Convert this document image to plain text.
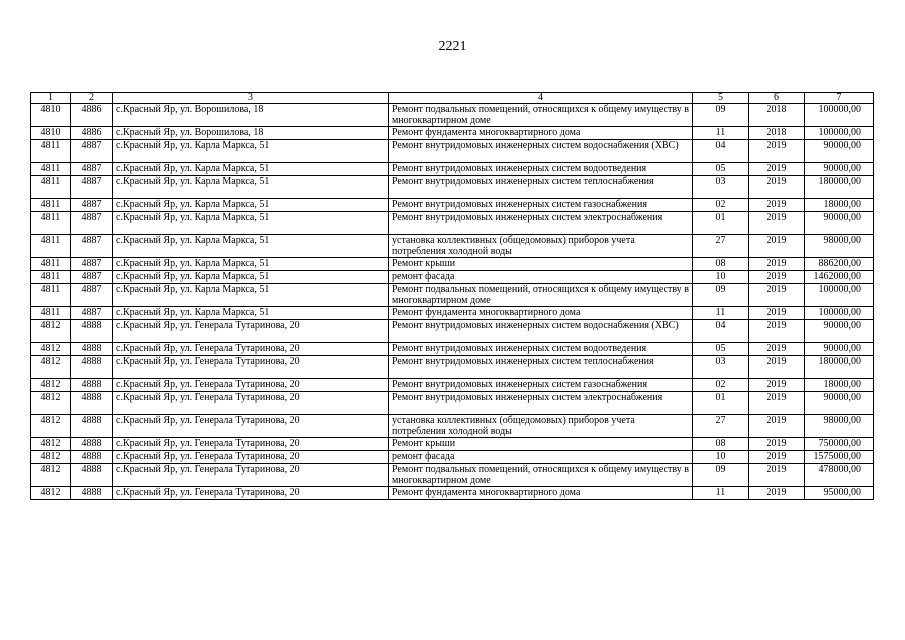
2221
1	2	3	4	5	6	7
4810	4886	с.Красный Яр, ул. Ворошилова, 18	Ремонт подвальных помещений, относящихся к общему имуществу в многоквартирном доме	09	2018	100000,00
4810	4886	с.Красный Яр, ул. Ворошилова, 18	Ремонт фундамента многоквартирного дома	11	2018	100000,00
4811	4887	с.Красный Яр, ул. Карла Маркса, 51	Ремонт внутридомовых инженерных систем водоснабжения (ХВС)	04	2019	90000,00
4811	4887	с.Красный Яр, ул. Карла Маркса, 51	Ремонт внутридомовых инженерных систем водоотведения	05	2019	90000,00
4811	4887	с.Красный Яр, ул. Карла Маркса, 51	Ремонт внутридомовых инженерных систем теплоснабжения	03	2019	180000,00
4811	4887	с.Красный Яр, ул. Карла Маркса, 51	Ремонт внутридомовых инженерных систем газоснабжения	02	2019	18000,00
4811	4887	с.Красный Яр, ул. Карла Маркса, 51	Ремонт внутридомовых инженерных систем электроснабжения	01	2019	90000,00
4811	4887	с.Красный Яр, ул. Карла Маркса, 51	установка коллективных (общедомовых) приборов учета потребления холодной воды	27	2019	98000,00
4811	4887	с.Красный Яр, ул. Карла Маркса, 51	Ремонт крыши	08	2019	886200,00
4811	4887	с.Красный Яр, ул. Карла Маркса, 51	ремонт фасада	10	2019	1462000,00
4811	4887	с.Красный Яр, ул. Карла Маркса, 51	Ремонт подвальных помещений, относящихся к общему имуществу в многоквартирном доме	09	2019	100000,00
4811	4887	с.Красный Яр, ул. Карла Маркса, 51	Ремонт фундамента многоквартирного дома	11	2019	100000,00
4812	4888	с.Красный Яр, ул. Генерала Тутаринова, 20	Ремонт внутридомовых инженерных систем водоснабжения (ХВС)	04	2019	90000,00
4812	4888	с.Красный Яр, ул. Генерала Тутаринова, 20	Ремонт внутридомовых инженерных систем водоотведения	05	2019	90000,00
4812	4888	с.Красный Яр, ул. Генерала Тутаринова, 20	Ремонт внутридомовых инженерных систем теплоснабжения	03	2019	180000,00
4812	4888	с.Красный Яр, ул. Генерала Тутаринова, 20	Ремонт внутридомовых инженерных систем газоснабжения	02	2019	18000,00
4812	4888	с.Красный Яр, ул. Генерала Тутаринова, 20	Ремонт внутридомовых инженерных систем электроснабжения	01	2019	90000,00
4812	4888	с.Красный Яр, ул. Генерала Тутаринова, 20	установка коллективных (общедомовых) приборов учета потребления холодной воды	27	2019	98000,00
4812	4888	с.Красный Яр, ул. Генерала Тутаринова, 20	Ремонт крыши	08	2019	750000,00
4812	4888	с.Красный Яр, ул. Генерала Тутаринова, 20	ремонт фасада	10	2019	1575000,00
4812	4888	с.Красный Яр, ул. Генерала Тутаринова, 20	Ремонт подвальных помещений, относящихся к общему имуществу в многоквартирном доме	09	2019	478000,00
4812	4888	с.Красный Яр, ул. Генерала Тутаринова, 20	Ремонт фундамента многоквартирного дома	11	2019	95000,00
